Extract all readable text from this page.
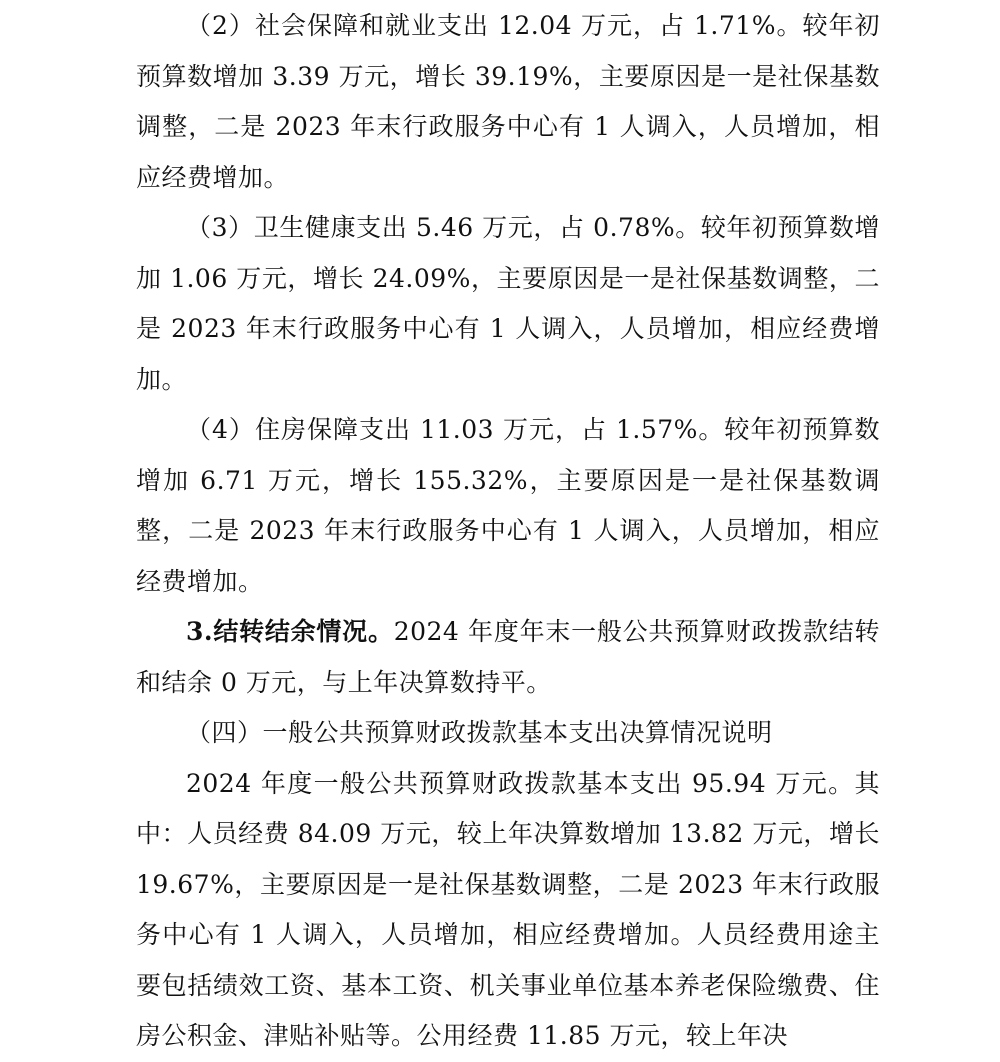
（2）社会保障和就业支出 12.04 万元，占 1.71%。较年初预算数增加 3.39 万元，增长 39.19%，主要原因是一是社保基数调整，二是 2023 年末行政服务中心有 1 人调入，人员增加，相应经费增加。

（3）卫生健康支出 5.46 万元，占 0.78%。较年初预算数增加 1.06 万元，增长 24.09%，主要原因是一是社保基数调整，二是 2023 年末行政服务中心有 1 人调入，人员增加，相应经费增加。

（4）住房保障支出 11.03 万元，占 1.57%。较年初预算数增加 6.71 万元，增长 155.32%，主要原因是一是社保基数调整，二是 2023 年末行政服务中心有 1 人调入，人员增加，相应经费增加。

3.结转结余情况。2024 年度年末一般公共预算财政拨款结转和结余 0 万元，与上年决算数持平。

（四）一般公共预算财政拨款基本支出决算情况说明

2024 年度一般公共预算财政拨款基本支出 95.94 万元。其中：人员经费 84.09 万元，较上年决算数增加 13.82 万元，增长 19.67%，主要原因是一是社保基数调整，二是 2023 年末行政服务中心有 1 人调入，人员增加，相应经费增加。人员经费用途主要包括绩效工资、基本工资、机关事业单位基本养老保险缴费、住房公积金、津贴补贴等。公用经费 11.85 万元，较上年决
